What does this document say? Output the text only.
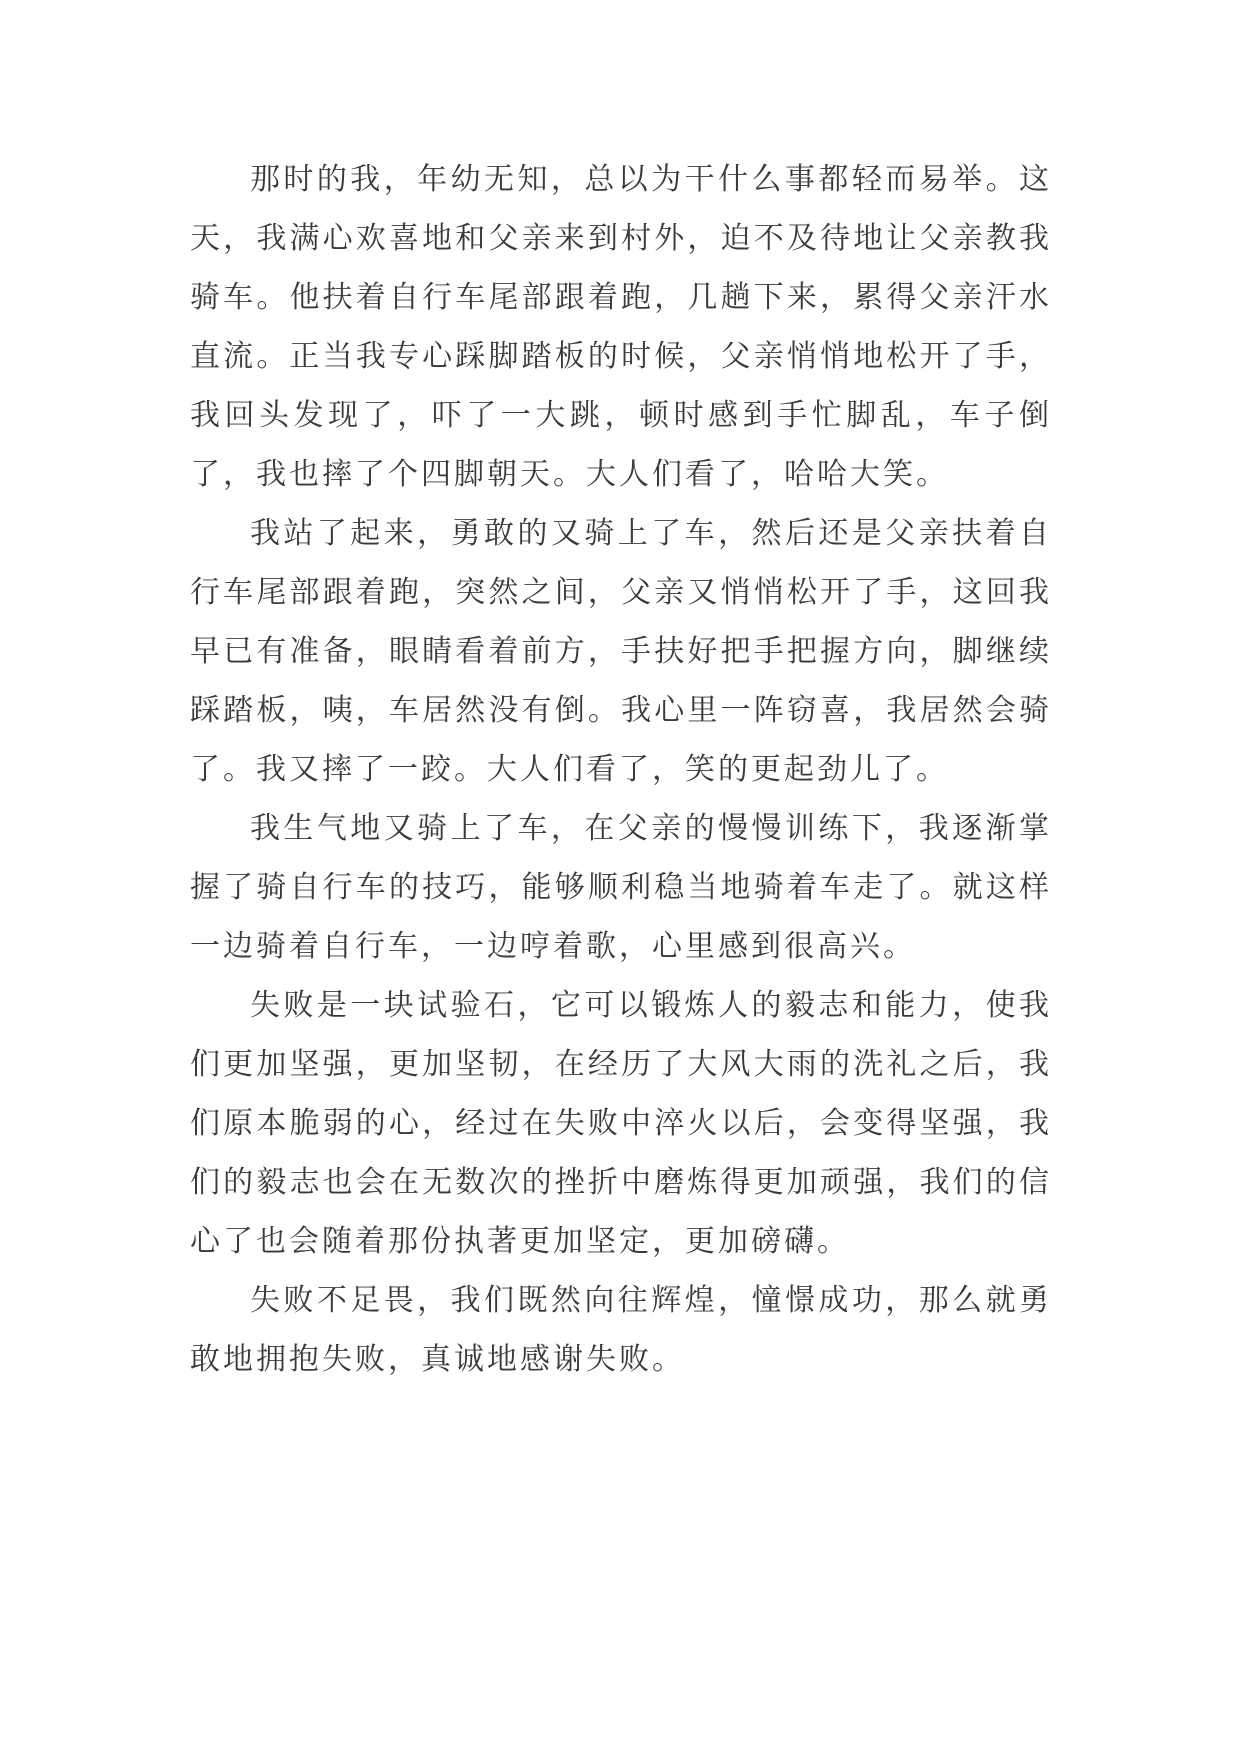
那时的我，年幼无知，总以为干什么事都轻而易举。这天，我满心欢喜地和父亲来到村外，迫不及待地让父亲教我骑车。他扶着自行车尾部跟着跑，几趟下来，累得父亲汗水直流。正当我专心踩脚踏板的时候，父亲悄悄地松开了手，我回头发现了，吓了一大跳，顿时感到手忙脚乱，车子倒了，我也摔了个四脚朝天。大人们看了，哈哈大笑。

我站了起来，勇敢的又骑上了车，然后还是父亲扶着自行车尾部跟着跑，突然之间，父亲又悄悄松开了手，这回我早已有准备，眼睛看着前方，手扶好把手把握方向，脚继续踩踏板，咦，车居然没有倒。我心里一阵窃喜，我居然会骑了。我又摔了一跤。大人们看了，笑的更起劲儿了。

我生气地又骑上了车，在父亲的慢慢训练下，我逐渐掌握了骑自行车的技巧，能够顺利稳当地骑着车走了。就这样一边骑着自行车，一边哼着歌，心里感到很高兴。

失败是一块试验石，它可以锻炼人的毅志和能力，使我们更加坚强，更加坚韧，在经历了大风大雨的洗礼之后，我们原本脆弱的心，经过在失败中淬火以后，会变得坚强，我们的毅志也会在无数次的挫折中磨炼得更加顽强，我们的信心了也会随着那份执著更加坚定，更加磅礴。

失败不足畏，我们既然向往辉煌，憧憬成功，那么就勇敢地拥抱失败，真诚地感谢失败。
